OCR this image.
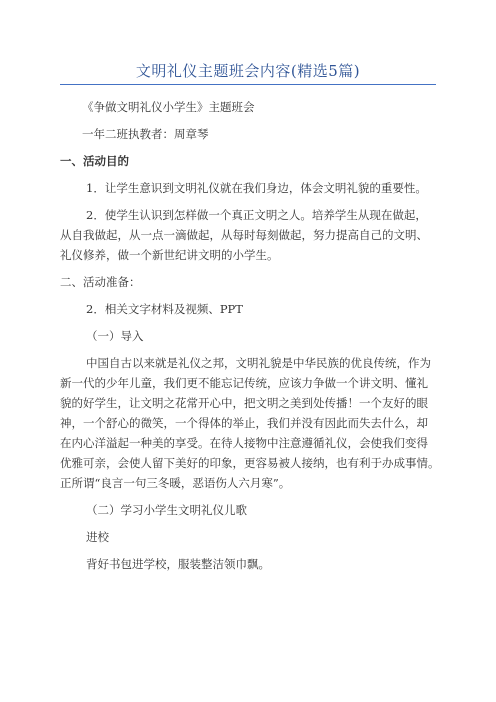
文明礼仪主题班会内容(精选5篇)
《争做文明礼仪小学生》主题班会
一年二班执教者：周章琴
一、活动目的
1．让学生意识到文明礼仪就在我们身边，体会文明礼貌的重要性。
2．使学生认识到怎样做一个真正文明之人。培养学生从现在做起，
从自我做起，从一点一滴做起，从每时每刻做起，努力提高自己的文明、
礼仪修养，做一个新世纪讲文明的小学生。
二、活动准备：
2．相关文字材料及视频、PPT
（一）导入
中国自古以来就是礼仪之邦，文明礼貌是中华民族的优良传统，作为
新一代的少年儿童，我们更不能忘记传统，应该力争做一个讲文明、懂礼
貌的好学生，让文明之花常开心中，把文明之美到处传播！一个友好的眼
神，一个舒心的微笑，一个得体的举止，我们并没有因此而失去什么，却
在内心洋溢起一种美的享受。在待人接物中注意遵循礼仪，会使我们变得
优雅可亲，会使人留下美好的印象，更容易被人接纳，也有利于办成事情。
正所谓“良言一句三冬暖，恶语伤人六月寒”。
（二）学习小学生文明礼仪儿歌
进校
背好书包进学校，服装整洁领巾飘。
